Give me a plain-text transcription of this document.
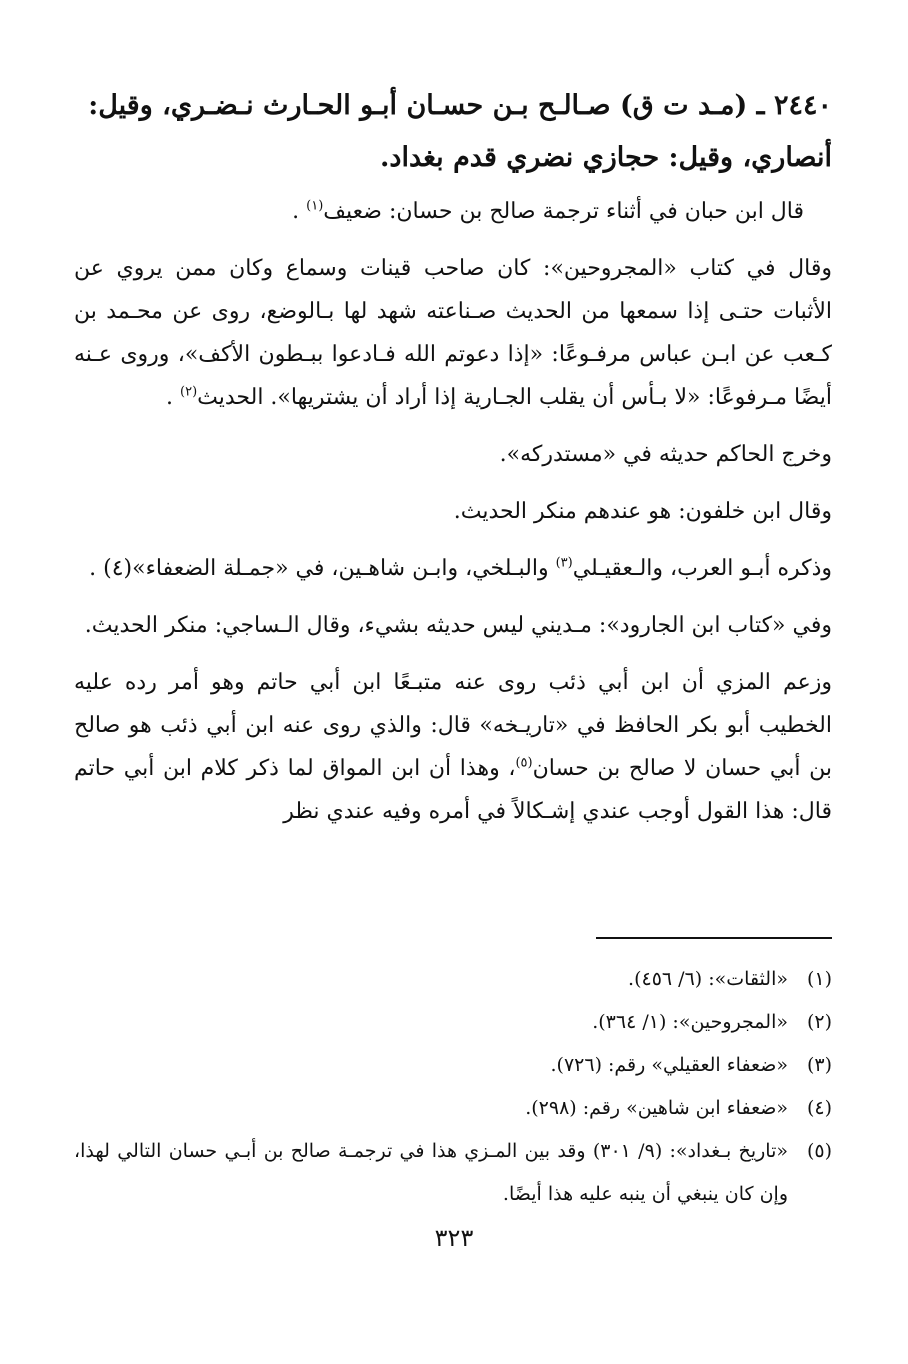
٢٤٤٠ ـ (مـد ت ق) صـالـح بـن حسـان أبـو الحـارث نـضـري، وقيل:
أنصاري، وقيل: حجازي نضري قدم بغداد.

قال ابن حبان في أثناء ترجمة صالح بن حسان: ضعيف$^{(١)}$ .

وقال في كتاب «المجروحين»: كان صاحب قينات وسماع وكان ممن يروي عن الأثبات حتـى إذا سمعها من الحديث صـناعته شهد لها بـالوضع، روى عن محـمد بن كـعب عن ابـن عباس مرفـوعًا: «إذا دعوتم الله فـادعوا ببـطون الأكف»، وروى عـنه أيضًا مـرفوعًا: «لا بـأس أن يقلب الجـارية إذا أراد أن يشتريها». الحديث$^{(٢)}$ .

وخرج الحاكم حديثه في «مستدركه».

وقال ابن خلفون: هو عندهم منكر الحديث.

وذكره أبـو العرب، والـعقيـلي$^{(٣)}$ والبـلخي، وابـن شاهـين، في «جمـلة الضعفاء»(٤) .

وفي «كتاب ابن الجارود»: مـديني ليس حديثه بشيء، وقال الـساجي: منكر الحديث.

وزعم المزي أن ابن أبي ذئب روى عنه متبـعًا ابن أبي حاتم وهو أمر رده عليه الخطيب أبو بكر الحافظ في «تاريـخه» قال: والذي روى عنه ابن أبي ذئب هو صالح بن أبي حسان لا صالح بن حسان$^{(٥)}$، وهذا أن ابن المواق لما ذكر كلام ابن أبي حاتم قال: هذا القول أوجب عندي إشـكالاً في أمره وفيه عندي نظر

(١)
«الثقات»: (٦/ ٤٥٦).
(٢)
«المجروحين»: (١/ ٣٦٤).
(٣)
«ضعفاء العقيلي» رقم: (٧٢٦).
(٤)
«ضعفاء ابن شاهين» رقم: (٢٩٨).
(٥)
«تاريخ بـغداد»: (٩/ ٣٠١) وقد بين المـزي هذا في ترجمـة صالح بن أبـي حسان التالي لهذا، وإن كان ينبغي أن ينبه عليه هذا أيضًا.
٣٢٣
